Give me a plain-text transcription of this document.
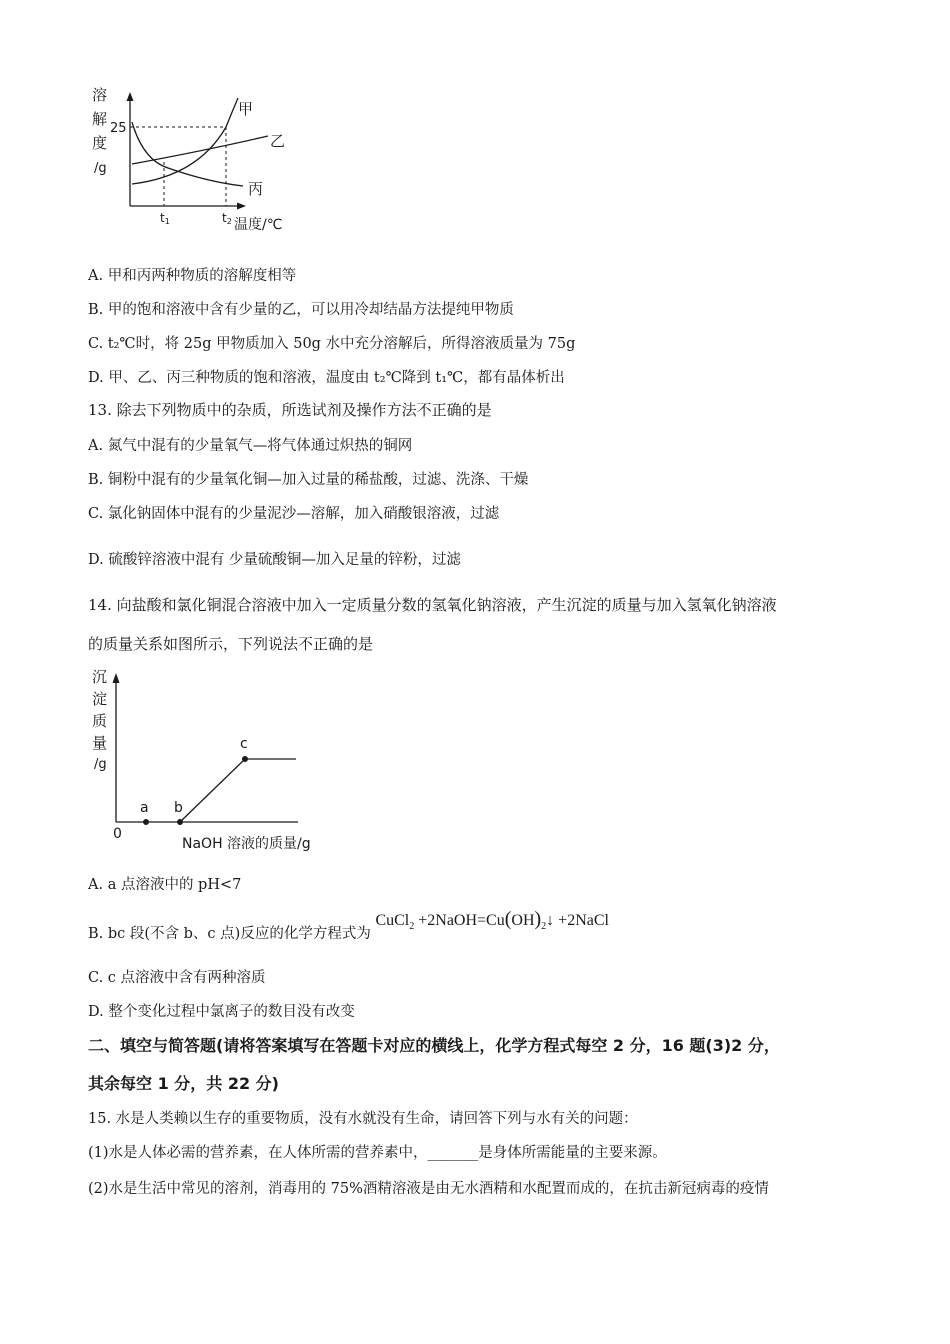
溶
解
度
/g
25
甲
乙
丙
t1	t2 温度/℃
A. 甲和丙两种物质的溶解度相等
B. 甲的饱和溶液中含有少量的乙，可以用冷却结晶方法提纯甲物质
C. t₂℃时，将 25g 甲物质加入 50g 水中充分溶解后，所得溶液质量为 75g
D. 甲、乙、丙三种物质的饱和溶液，温度由 t₂℃降到 t₁℃，都有晶体析出
13. 除去下列物质中的杂质，所选试剂及操作方法不正确的是
A. 氮气中混有的少量氧气—将气体通过炽热的铜网
B. 铜粉中混有的少量氧化铜—加入过量的稀盐酸，过滤、洗涤、干燥
C. 氯化钠固体中混有的少量泥沙—溶解，加入硝酸银溶液，过滤
D. 硫酸锌溶液中混有 少量硫酸铜—加入足量的锌粉，过滤
14. 向盐酸和氯化铜混合溶液中加入一定质量分数的氢氧化钠溶液，产生沉淀的质量与加入氢氧化钠溶液
的质量关系如图所示，下列说法不正确的是
沉
淀
质
量
/g
0
a b
c
NaOH 溶液的质量/g
A. a 点溶液中的 pH<7
B. bc 段(不含 b、c 点)反应的化学方程式为 CuCl$_2$ $+2NaOH=Cu(OH)_2↓$ +2NaCl
C. c 点溶液中含有两种溶质
D. 整个变化过程中氯离子的数目没有改变
二、填空与简答题(请将答案填写在答题卡对应的横线上，化学方程式每空 2 分，16 题(3)2 分，
其余每空 1 分，共 22 分)
15. 水是人类赖以生存的重要物质，没有水就没有生命，请回答下列与水有关的问题：
(1)水是人体必需的营养素，在人体所需的营养素中，_______是身体所需能量的主要来源。
(2)水是生活中常见的溶剂，消毒用的 75%酒精溶液是由无水酒精和水配置而成的，在抗击新冠病毒的疫情
